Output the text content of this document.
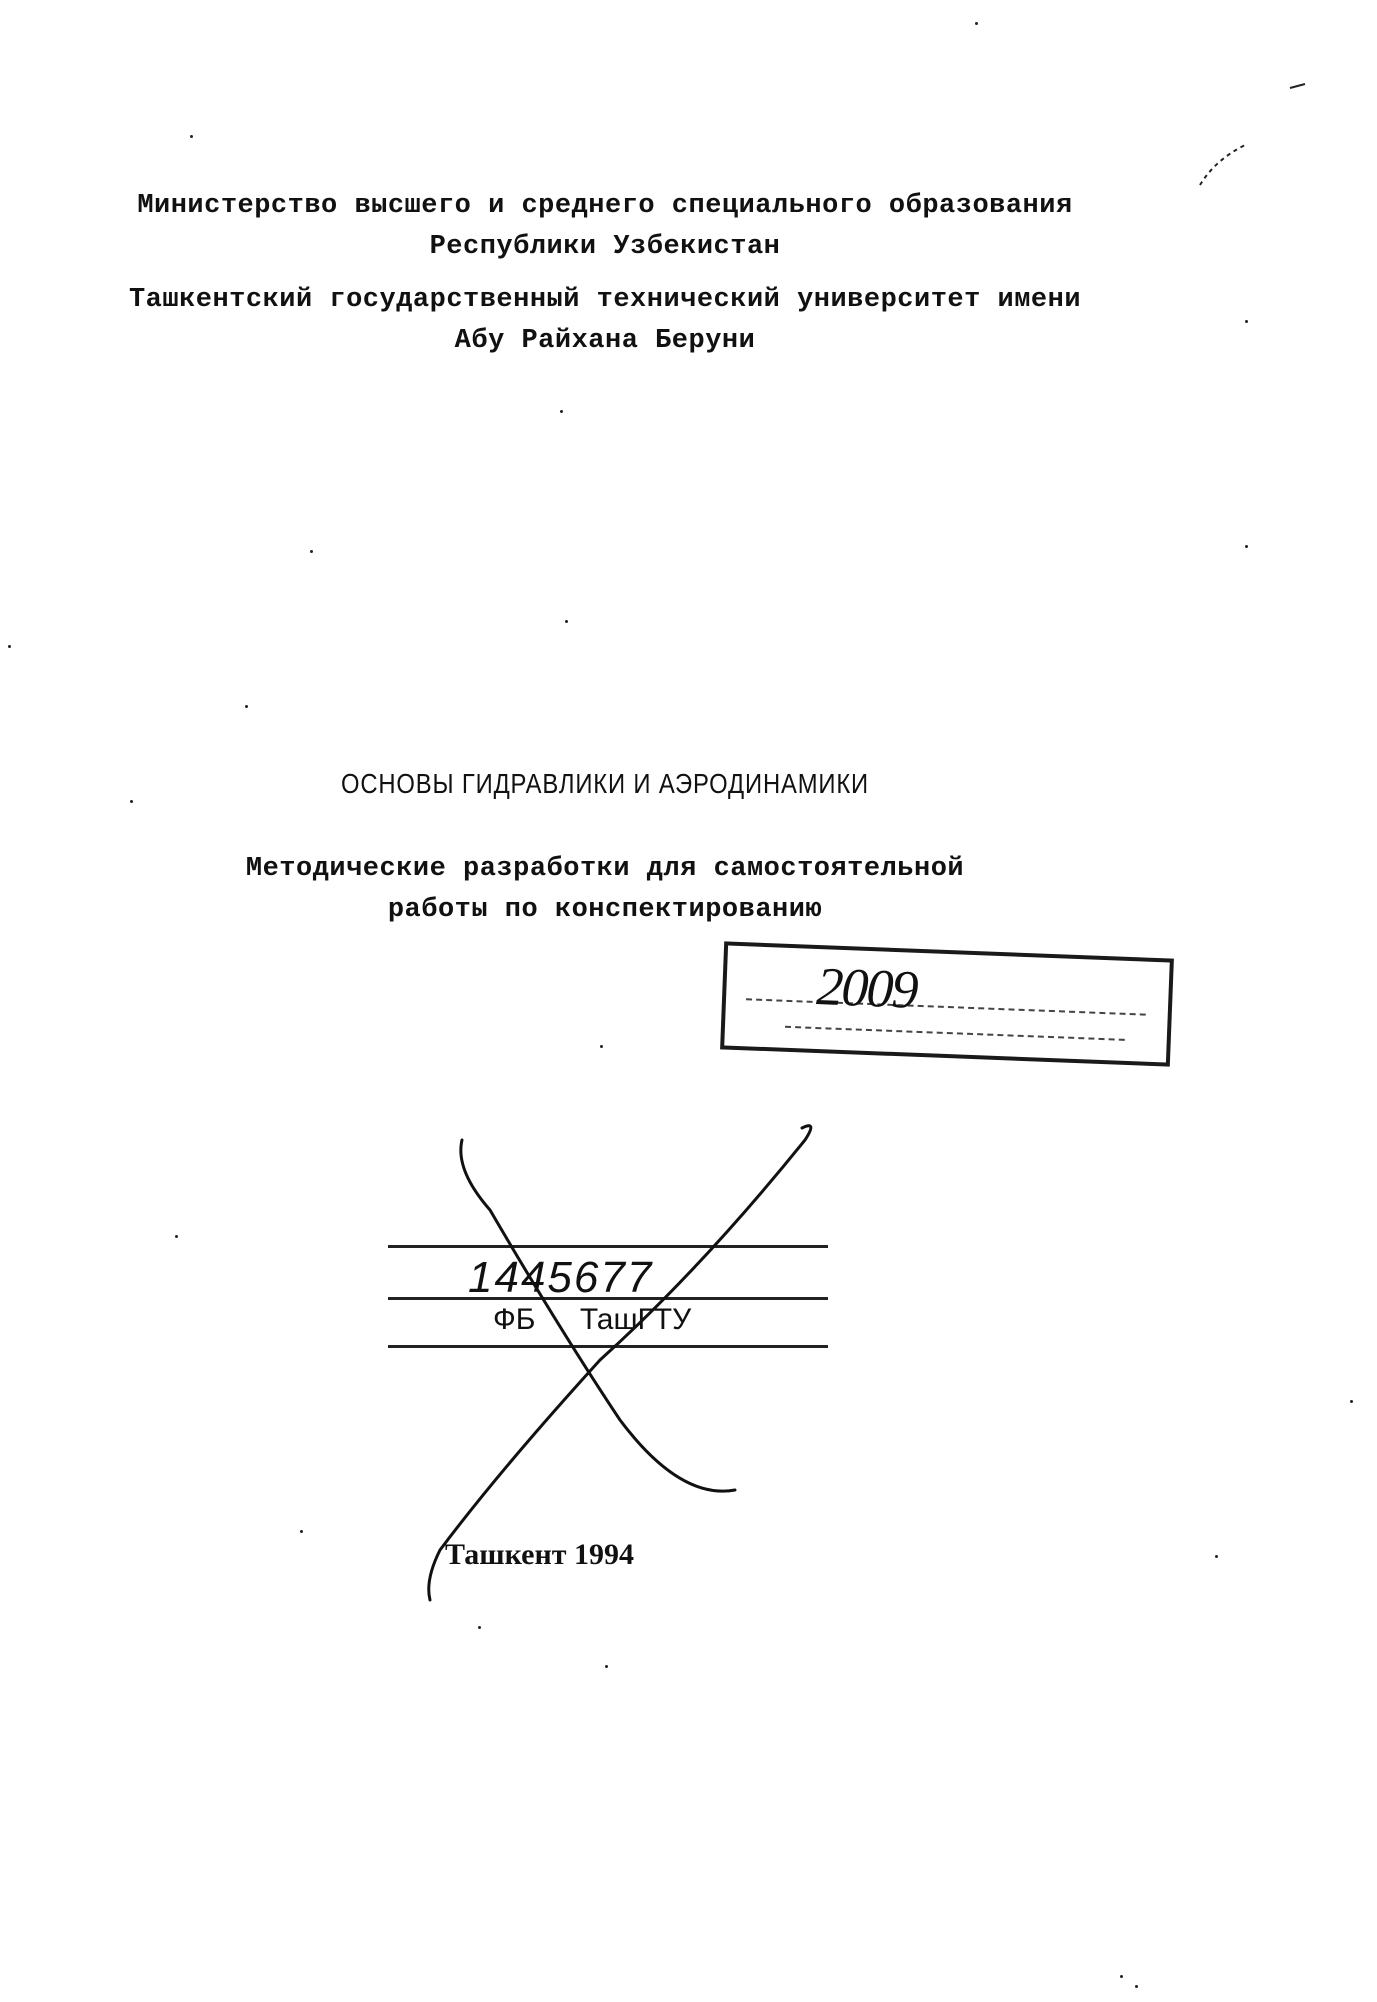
Министерство высшего и среднего специального образования
Республики Узбекистан
Ташкентский государственный технический университет имени
Абу Райхана Беруни
ОСНОВЫ ГИДРАВЛИКИ И АЭРОДИНАМИКИ
Методические разработки для самостоятельной
работы по конспектированию
2009
1445677
ФБ ТашГТУ
Ташкент 1994
